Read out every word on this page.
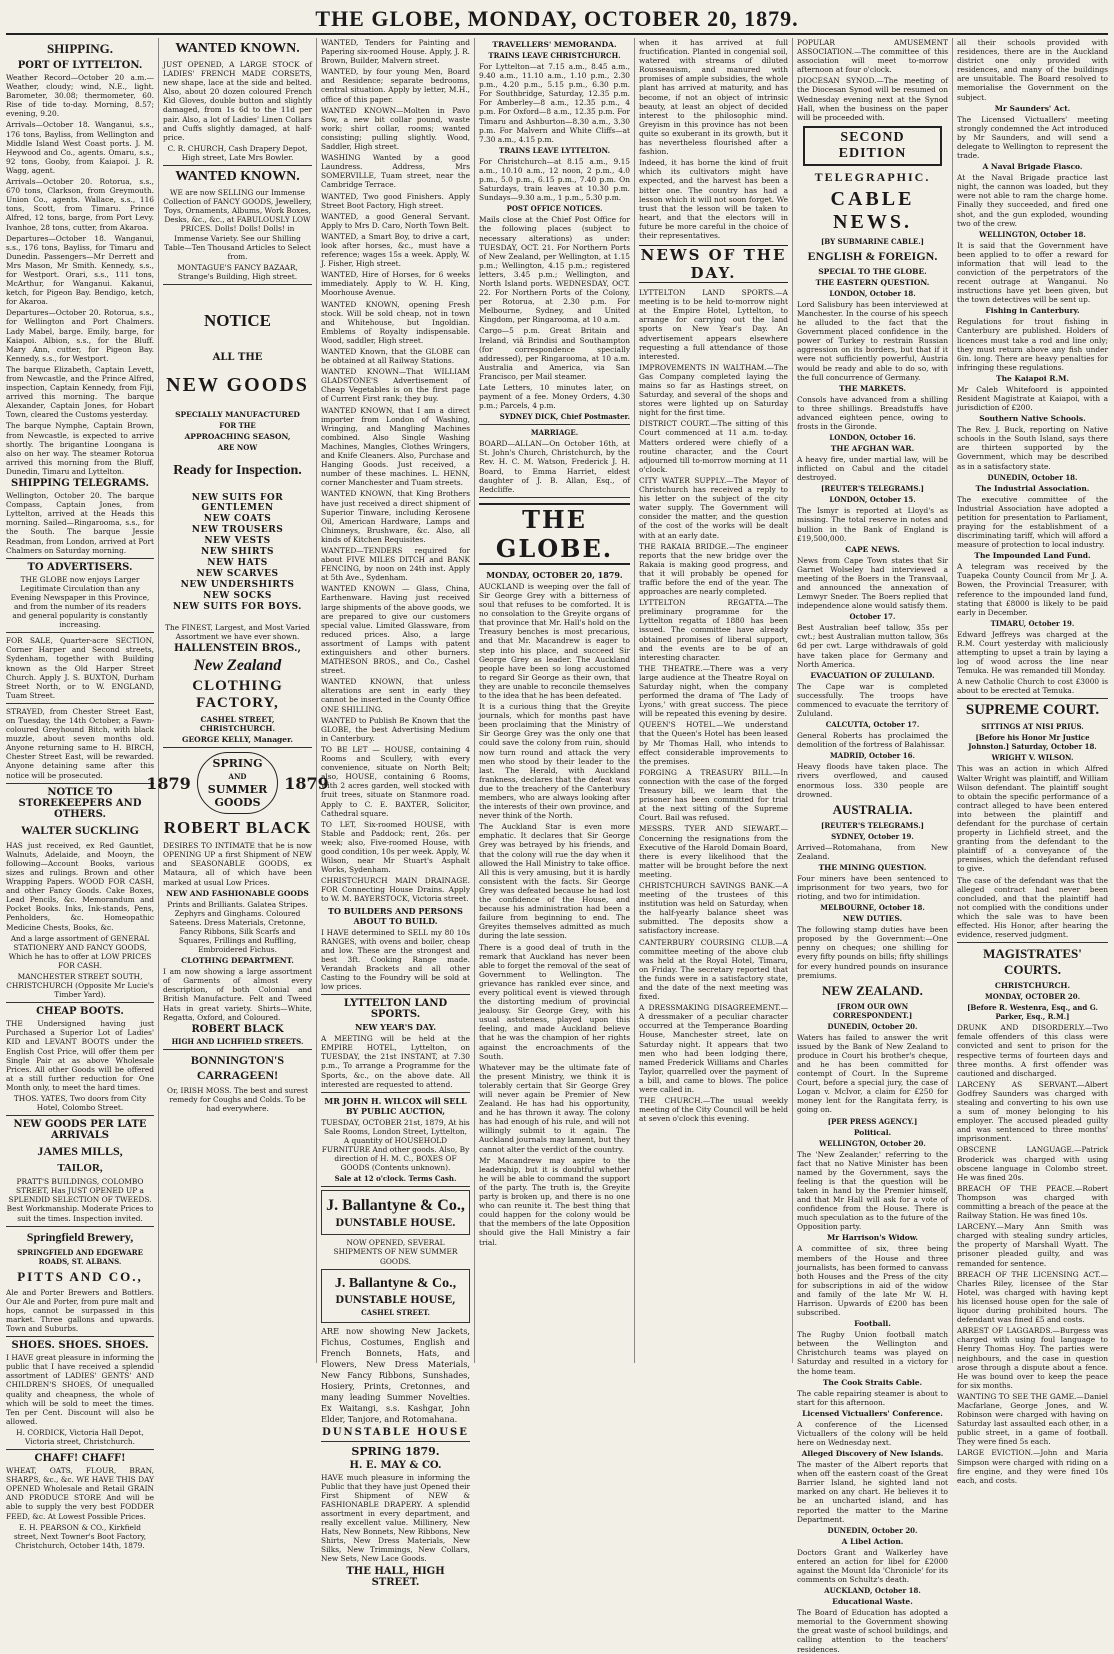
THE GLOBE, MONDAY, OCTOBER 20, 1879.
SHIPPING.
PORT OF LYTTELTON.

Weather Record—October 20 a.m.—Weather, cloudy; wind, N.E., light. Barometer, 30.08; thermometer, 60. Rise of tide to-day. Morning, 8.57; evening, 9.20.

Arrivals—October 18. Wanganui, s.s., 176 tons, Bayliss, from Wellington and Middle Island West Coast ports. J. M. Heywood and Co., agents. Omaru, s.s., 92 tons, Gooby, from Kaiapoi. J. R. Wagg, agent.

Arrivals—October 20. Rotorua, s.s., 670 tons, Clarkson, from Greymouth. Union Co., agents. Wallace, s.s., 116 tons, Scott, from Timaru. Prince Alfred, 12 tons, barge, from Port Levy. Ivanhoe, 28 tons, cutter, from Akaroa.

Departures—October 18. Wanganui, s.s., 176 tons, Bayliss, for Timaru and Dunedin. Passengers—Mr Derrett and Mrs Mason, Mr Smith. Kennedy, s.s., for Westport. Orari, s.s., 111 tons, McArthur, for Wanganui. Kakanui, ketch, for Pigeon Bay. Bendigo, ketch, for Akaroa.

Departures—October 20. Rotorua, s.s., for Wellington and Port Chalmers. Lady Mabel, barge. Emily, barge, for Kaiapoi. Albion, s.s., for the Bluff. Mary Ann, cutter, for Pigeon Bay. Kennedy, s.s., for Westport.

The barque Elizabeth, Captain Levett, from Newcastle, and the Prince Alfred, inspection, Captain Kennedy, from Fiji, arrived this morning. The barque Alexander, Captain Jones, for Hobart Town, cleared the Customs yesterday.

The barque Nymphe, Captain Brown, from Newcastle, is expected to arrive shortly. The brigantine Loongana is also on her way. The steamer Rotorua arrived this morning from the Bluff, Dunedin, Timaru and Lyttelton.

SHIPPING TELEGRAMS.

Wellington, October 20. The barque Compass, Captain Jones, from Lyttelton, arrived at the Heads this morning. Sailed—Ringarooma, s.s., for the South. The barque Jessie Readman, from London, arrived at Port Chalmers on Saturday morning.

TO ADVERTISERS.

THE GLOBE now enjoys Larger Legitimate Circulation than any Evening Newspaper in this Province, and from the number of its readers and general popularity is constantly increasing.

FOR SALE, Quarter-acre SECTION, Corner Harper and Second streets, Sydenham, together with Building known as the Old Harper Street Church. Apply J. S. BUXTON, Durham Street North, or to W. ENGLAND, Tuam Street.

STRAYED, from Chester Street East, on Tuesday, the 14th October, a Fawn-coloured Greyhound Bitch, with black muzzle, about seven months old. Anyone returning same to H. BIRCH, Chester Street East, will be rewarded. Anyone detaining same after this notice will be prosecuted.

NOTICE TO STOREKEEPERS AND OTHERS.
WALTER SUCKLING

HAS just received, ex Red Gauntlet, Walnuts, Adelaide, and Mooyn, the following—Account Books, various sizes and rulings. Brown and other Wrapping Papers. WOOD FOR CASH, and other Fancy Goods. Cake Boxes, Lead Pencils, &c. Memorandum and Pocket Books. Inks, Ink-stands, Pens, Penholders, &c. Homeopathic Medicine Chests, Books, &c.

And a large assortment of GENERAL STATIONERY AND FANCY GOODS, Which he has to offer at LOW PRICES FOR CASH.

MANCHESTER STREET SOUTH, CHRISTCHURCH (Opposite Mr Lucie's Timber Yard).

CHEAP BOOTS.

THE Undersigned having just Purchased a Superior Lot of Ladies' KID and LEVANT BOOTS under the English Cost Price, will offer them per Single Pair at as above Wholesale Prices. All other Goods will be offered at a still further reduction for One Month only, to meet the hard times.

THOS. YATES, Two doors from City Hotel, Colombo Street.

NEW GOODS PER LATE ARRIVALS
JAMES MILLS,
TAILOR,

PRATT'S BUILDINGS, COLOMBO STREET, Has JUST OPENED UP a SPLENDID SELECTION OF TWEEDS. Best Workmanship. Moderate Prices to suit the times. Inspection invited.

Springfield Brewery,
SPRINGFIELD AND EDGEWARE ROADS, ST. ALBANS.
PITTS AND CO.,

Ale and Porter Brewers and Bottlers. Our Ale and Porter, from pure malt and hops, cannot be surpassed in this market. Three gallons and upwards. Town and Suburbs.

SHOES. SHOES. SHOES.

I HAVE great pleasure in informing the public that I have received a splendid assortment of LADIES' GENTS' AND CHILDREN'S SHOES, Of unequalled quality and cheapness, the whole of which will be sold to meet the times. Ten per Cent. Discount will also be allowed.

H. CORDICK, Victoria Hall Depot, Victoria street, Christchurch.

CHAFF! CHAFF!

WHEAT, OATS, FLOUR, BRAN, SHARPS, &c., &c. WE HAVE THIS DAY OPENED Wholesale and Retail GRAIN AND PRODUCE STORE And will be able to supply the very best FODDER FEED, &c. At Lowest Possible Prices.

E. H. PEARSON & CO., Kirkfield street, Next Towner's Boot Factory, Christchurch, October 14th, 1879.

WANTED KNOWN.

JUST OPENED, A LARGE STOCK of LADIES' FRENCH MADE CORSETS, new shape, lace at the side and belted. Also, about 20 dozen coloured French Kid Gloves, double button and slightly damaged, from 1s 6d to the 11d per pair. Also, a lot of Ladies' Linen Collars and Cuffs slightly damaged, at half-price.

C. R. CHURCH, Cash Drapery Depot, High street, Late Mrs Bowler.

WANTED KNOWN.

WE are now SELLING our Immense Collection of FANCY GOODS, Jewellery, Toys, Ornaments, Albums, Work Boxes, Desks, &c., &c., at FABULOUSLY LOW PRICES. Dolls! Dolls! Dolls! in Immense Variety. See our Shilling Table—Ten Thousand Articles to Select from.

MONTAGUE'S FANCY BAZAAR, Strange's Building, High street.

NOTICE
ALL THE
NEW GOODS
SPECIALLY MANUFACTURED
FOR THE
APPROACHING SEASON,
ARE NOW
Ready for Inspection.
NEW SUITS FOR GENTLEMEN
NEW COATS
NEW TROUSERS
NEW VESTS
NEW SHIRTS
NEW HATS
NEW SCARVES
NEW UNDERSHIRTS
NEW SOCKS
NEW SUITS FOR BOYS.

The FINEST, Largest, and Most Varied Assortment we have ever shown.

HALLENSTEIN BROS.,
New Zealand
CLOTHING FACTORY,
CASHEL STREET, CHRISTCHURCH.
GEORGE KELLY, Manager.
1879
SPRING
AND
SUMMER
GOODS
1879
ROBERT BLACK

DESIRES TO INTIMATE that he is now OPENING UP a first Shipment of NEW and SEASONABLE GOODS, ex Mataura, all of which have been marked at usual Low Prices.

NEW AND FASHIONABLE GOODS

Prints and Brilliants. Galatea Stripes. Zephyrs and Ginghams. Coloured Sateens. Dress Materials, Cretonne, Fancy Ribbons, Silk Scarfs and Squares, Frillings and Ruffling, Embroidered Fichus.

CLOTHING DEPARTMENT.

I am now showing a large assortment of Garments of almost every description, of both Colonial and British Manufacture. Felt and Tweed Hats in great variety. Shirts—White, Regatta, Oxford, and Coloured.

ROBERT BLACK
HIGH AND LICHFIELD STREETS.
BONNINGTON'S CARRAGEEN!

Or, IRISH MOSS. The best and surest remedy for Coughs and Colds. To be had everywhere.

WANTED, Tenders for Painting and Papering six-roomed House. Apply, J. R. Brown, Builder, Malvern street.

WANTED, by four young Men, Board and Residence; separate bedrooms, central situation. Apply by letter, M.H., office of this paper.

WANTED KNOWN—Molten in Pavo Sow, a new bit collar pound, waste work; shirt collar, rooms; wanted consisting; pulling slightly. Wood, Saddler, High street.

WASHING Wanted by a good Laundress. Address, Mrs SOMERVILLE, Tuam street, near the Cambridge Terrace.

WANTED, Two good Finishers. Apply Street Boot Factory, High street.

WANTED, a good General Servant. Apply to Mrs D. Caro, North Town Belt.

WANTED, a Smart Boy, to drive a cart, look after horses, &c., must have a reference; wages 15s a week. Apply, W. J. Fisher, High street.

WANTED, Hire of Horses, for 6 weeks immediately. Apply to W. H. King, Moorhouse Avenue.

WANTED KNOWN, opening Fresh stock. Will be sold cheap, not in town and Whitehouse, but Ingoldian. Emblems of Royalty indispensable. Wood, saddler, High street.

WANTED Known, that the GLOBE can be obtained at all Railway Stations.

WANTED KNOWN—That WILLIAM GLADSTONE'S Advertisement of Cheap Vegetables is on the first page of Current First rank; they buy.

WANTED KNOWN, that I am a direct importer from London of Washing, Wringing, and Mangling Machines combined. Also Single Washing Machines, Mangles, Clothes Wringers, and Knife Cleaners. Also, Purchase and Hanging Goods. Just received, a number of these machines. L. HENN, corner Manchester and Tuam streets.

WANTED KNOWN, that King Brothers have just received a direct shipment of Superior Tinware, including Kerosene Oil, American Hardware, Lamps and Chimneys, Brushware, &c. Also, all kinds of Kitchen Requisites.

WANTED—TENDERS required for about FIVE MILES DITCH and BANK FENCING, by noon on 24th inst. Apply at 5th Ave., Sydenham.

WANTED KNOWN — Glass, China, Earthenware. Having just received large shipments of the above goods, we are prepared to give our customers special value. Limited Glassware, from reduced prices. Also, a large assortment of Lamps with patent extinguishers and other burners. MATHESON BROS., and Co., Cashel street.

WANTED KNOWN, that unless alterations are sent in early they cannot be inserted in the County Office ONE SHILLING.

WANTED to Publish Be Known that the GLOBE, the best Advertising Medium in Canterbury.

TO BE LET — HOUSE, containing 4 Rooms and Scullery, with every convenience, situate on North Belt; also, HOUSE, containing 6 Rooms, with 2 acres garden, well stocked with fruit trees, situate on Stanmore road. Apply to C. E. BAXTER, Solicitor, Cathedral square.

TO LET, Six-roomed HOUSE, with Stable and Paddock; rent, 26s. per week; also, Five-roomed House, with good condition, 10s per week. Apply, W. Wilson, near Mr Stuart's Asphalt Works, Sydenham.

CHRISTCHURCH MAIN DRAINAGE. FOR Connecting House Drains. Apply to W. M. BAYERSTOCK, Victoria street.

TO BUILDERS AND PERSONS ABOUT TO BUILD.

I HAVE determined to SELL my 80 10s RANGES, with ovens and boiler, cheap and low. These are the strongest and best 3ft. Cooking Range made. Verandah Brackets and all other Casting to the Foundry will be sold at low prices.

LYTTELTON LAND SPORTS.
NEW YEAR'S DAY.

A MEETING will be held at the EMPIRE HOTEL, Lyttelton, on TUESDAY, the 21st INSTANT, at 7.30 p.m., To arrange a Programme for the Sports, &c., on the above date. All interested are requested to attend.

MR JOHN H. WILCOX will SELL BY PUBLIC AUCTION,

TUESDAY, OCTOBER 21st, 1879, At his Sale Rooms, London Street, Lyttelton, A quantity of HOUSEHOLD FURNITURE And other goods. Also, By direction of H. M. C., BOXES OF GOODS (Contents unknown).

Sale at 12 o'clock. Terms Cash.
J. Ballantyne & Co.,
DUNSTABLE HOUSE.

NOW OPENED, SEVERAL SHIPMENTS OF NEW SUMMER GOODS.

J. Ballantyne & Co.,
DUNSTABLE HOUSE,
CASHEL STREET.

ARE now showing New Jackets, Fichus, Costumes, English and French Bonnets, Hats, and Flowers, New Dress Materials, New Fancy Ribbons, Sunshades, Hosiery, Prints, Cretonnes, and many leading Summer Novelties. Ex Waitangi, s.s. Kashgar, John Elder, Tanjore, and Rotomahana.

DUNSTABLE HOUSE
SPRING 1879.
H. E. MAY & CO.

HAVE much pleasure in informing the Public that they have just Opened their First Shipment of NEW & FASHIONABLE DRAPERY. A splendid assortment in every department, and really excellent value. Millinery, New Hats, New Bonnets, New Ribbons, New Shirts, New Dress Materials, New Silks, New Trimmings, New Collars, New Sets, New Lace Goods.

THE HALL, HIGH STREET.
TRAVELLERS' MEMORANDA.
TRAINS LEAVE CHRISTCHURCH.

For Lyttelton—at 7.15 a.m., 8.45 a.m., 9.40 a.m., 11.10 a.m., 1.10 p.m., 2.30 p.m., 4.20 p.m., 5.15 p.m., 6.30 p.m. For Southbridge, Saturday, 12.35 p.m. For Amberley—8 a.m., 12.35 p.m., 4 p.m. For Oxford—8 a.m., 12.35 p.m. For Timaru and Ashburton—8.30 a.m., 3.30 p.m. For Malvern and White Cliffs—at 7.30 a.m., 4.15 p.m.

TRAINS LEAVE LYTTELTON.

For Christchurch—at 8.15 a.m., 9.15 a.m., 10.10 a.m., 12 noon, 2 p.m., 4.0 p.m., 5.0 p.m., 6.15 p.m., 7.40 p.m. On Saturdays, train leaves at 10.30 p.m. Sundays—9.30 a.m., 1 p.m., 5.30 p.m.

POST OFFICE NOTICES.

Mails close at the Chief Post Office for the following places (subject to necessary alterations) as under: TUESDAY, OCT. 21. For Northern Ports of New Zealand, per Wellington, at 1.15 p.m.; Wellington, 4.15 p.m.; registered letters, 3.45 p.m.; Wellington, and North Island ports. WEDNESDAY, OCT. 22. For Northern Ports of the Colony, per Rotorua, at 2.30 p.m. For Melbourne, Sydney, and United Kingdom, per Ringarooma, at 10 a.m.

Cargo—5 p.m. Great Britain and Ireland, viâ Brindisi and Southampton (for correspondence specially addressed), per Ringarooma, at 10 a.m. Australia and America, via San Francisco, per Mail steamer.

Late Letters, 10 minutes later, on payment of a fee. Money Orders, 4.30 p.m.; Parcels, 4 p.m.

SYDNEY DICK, Chief Postmaster.
MARRIAGE.

BOARD—ALLAN—On October 16th, at St. John's Church, Christchurch, by the Rev. H. C. M. Watson, Frederick J. H. Board, to Emma Harriet, eldest daughter of J. B. Allan, Esq., of Redcliffe.

THE GLOBE.
MONDAY, OCTOBER 20, 1879.

AUCKLAND is weeping over the fall of Sir George Grey with a bitterness of soul that refuses to be comforted. It is no consolation to the Greyite organs of that province that Mr. Hall's hold on the Treasury benches is most precarious, and that Mr. Macandrew is eager to step into his place, and succeed Sir George Grey as leader. The Auckland people have been so long accustomed to regard Sir George as their own, that they are unable to reconcile themselves to the idea that he has been defeated.

It is a curious thing that the Greyite journals, which for months past have been proclaiming that the Ministry of Sir George Grey was the only one that could save the colony from ruin, should now turn round and attack the very men who stood by their leader to the last. The Herald, with Auckland frankness, declares that the defeat was due to the treachery of the Canterbury members, who are always looking after the interests of their own province, and never think of the North.

The Auckland Star is even more emphatic. It declares that Sir George Grey was betrayed by his friends, and that the colony will rue the day when it allowed the Hall Ministry to take office. All this is very amusing, but it is hardly consistent with the facts. Sir George Grey was defeated because he had lost the confidence of the House, and because his administration had been a failure from beginning to end. The Greyites themselves admitted as much during the late session.

There is a good deal of truth in the remark that Auckland has never been able to forget the removal of the seat of Government to Wellington. The grievance has rankled ever since, and every political event is viewed through the distorting medium of provincial jealousy. Sir George Grey, with his usual astuteness, played upon this feeling, and made Auckland believe that he was the champion of her rights against the encroachments of the South.

Whatever may be the ultimate fate of the present Ministry, we think it is tolerably certain that Sir George Grey will never again be Premier of New Zealand. He has had his opportunity, and he has thrown it away. The colony has had enough of his rule, and will not willingly submit to it again. The Auckland journals may lament, but they cannot alter the verdict of the country.

Mr Macandrew may aspire to the leadership, but it is doubtful whether he will be able to command the support of the party. The truth is, the Greyite party is broken up, and there is no one who can reunite it. The best thing that could happen for the colony would be that the members of the late Opposition should give the Hall Ministry a fair trial.

when it has arrived at full fructification. Planted in congenial soil, watered with streams of diluted Rousseauism, and manured with promises of ample subsidies, the whole plant has arrived at maturity, and has become, if not an object of intrinsic beauty, at least an object of decided interest to the philosophic mind. Greyism in this province has not been quite so exuberant in its growth, but it has nevertheless flourished after a fashion.

Indeed, it has borne the kind of fruit which its cultivators might have expected, and the harvest has been a bitter one. The country has had a lesson which it will not soon forget. We trust that the lesson will be taken to heart, and that the electors will in future be more careful in the choice of their representatives.

NEWS OF THE DAY.

LYTTELTON LAND SPORTS.—A meeting is to be held to-morrow night at the Empire Hotel, Lyttelton, to arrange for carrying out the land sports on New Year's Day. An advertisement appears elsewhere requesting a full attendance of those interested.

IMPROVEMENTS IN WALTHAM.—The Gas Company completed laying the mains so far as Hastings street, on Saturday, and several of the shops and stores were lighted up on Saturday night for the first time.

DISTRICT COURT.—The sitting of this Court commenced at 11 a.m. to-day. Matters ordered were chiefly of a routine character, and the Court adjourned till to-morrow morning at 11 o'clock.

CITY WATER SUPPLY.—The Mayor of Christchurch has received a reply to his letter on the subject of the city water supply. The Government will consider the matter, and the question of the cost of the works will be dealt with at an early date.

THE RAKAIA BRIDGE.—The engineer reports that the new bridge over the Rakaia is making good progress, and that it will probably be opened for traffic before the end of the year. The approaches are nearly completed.

LYTTELTON REGATTA.—The preliminary programme for the Lyttelton regatta of 1880 has been issued. The committee have already obtained promises of liberal support, and the events are to be of an interesting character.

THE THEATRE.—There was a very large audience at the Theatre Royal on Saturday night, when the company performed the drama of 'The Lady of Lyons,' with great success. The piece will be repeated this evening by desire.

QUEEN'S HOTEL.—We understand that the Queen's Hotel has been leased by Mr Thomas Hall, who intends to effect considerable improvements to the premises.

FORGING A TREASURY BILL.—In connection with the case of the forged Treasury bill, we learn that the prisoner has been committed for trial at the next sitting of the Supreme Court. Bail was refused.

MESSRS. TYER AND SIEWART.—Concerning the resignations from the Executive of the Harold Domain Board, there is every likelihood that the matter will be brought before the next meeting.

CHRISTCHURCH SAVINGS BANK.—A meeting of the trustees of this institution was held on Saturday, when the half-yearly balance sheet was submitted. The deposits show a satisfactory increase.

CANTERBURY COURSING CLUB.—A committee meeting of the above club was held at the Royal Hotel, Timaru, on Friday. The secretary reported that the funds were in a satisfactory state, and the date of the next meeting was fixed.

A DRESSMAKING DISAGREEMENT.—A dressmaker of a peculiar character occurred at the Temperance Boarding House, Manchester street, late on Saturday night. It appears that two men who had been lodging there, named Frederick Williams and Charles Taylor, quarrelled over the payment of a bill, and came to blows. The police were called in.

THE CHURCH.—The usual weekly meeting of the City Council will be held at seven o'clock this evening.

POPULAR AMUSEMENT ASSOCIATION.—The committee of this association will meet to-morrow afternoon at four o'clock.

DIOCESAN SYNOD.—The meeting of the Diocesan Synod will be resumed on Wednesday evening next at the Synod Hall, when the business on the paper will be proceeded with.

SECOND EDITION
TELEGRAPHIC.
CABLE NEWS.
[BY SUBMARINE CABLE.]
ENGLISH & FOREIGN.
SPECIAL TO THE GLOBE.
THE EASTERN QUESTION.
LONDON, October 18.

Lord Salisbury has been interviewed at Manchester. In the course of his speech he alluded to the fact that the Government placed confidence in the power of Turkey to restrain Russian aggression on its borders, but that if it were not sufficiently powerful, Austria would be ready and able to do so, with the full concurrence of Germany.

THE MARKETS.

Consols have advanced from a shilling to three shillings. Breadstuffs have advanced eighteen pence, owing to frosts in the Gironde.

LONDON, October 16.
THE AFGHAN WAR.

A heavy fire, under martial law, will be inflicted on Cabul and the citadel destroyed.

[REUTER'S TELEGRAMS.]
LONDON, October 15.

The Ismyr is reported at Lloyd's as missing. The total reserve in notes and bullion in the Bank of England is £19,500,000.

CAPE NEWS.

News from Cape Town states that Sir Garnet Wolseley had interviewed a meeting of the Boers in the Transvaal, and announced the annexation of Lemwyr Sneder. The Boers replied that independence alone would satisfy them.

October 17.

Best Australian beef tallow, 35s per cwt.; best Australian mutton tallow, 36s 6d per cwt. Large withdrawals of gold have taken place for Germany and North America.

EVACUATION OF ZULULAND.

The Cape war is completed successfully. The troops have commenced to evacuate the territory of Zululand.

CALCUTTA, October 17.

General Roberts has proclaimed the demolition of the fortress of Balahissar.

MADRID, October 16.

Heavy floods have taken place. The rivers overflowed, and caused enormous loss. 330 people are drowned.

AUSTRALIA.
[REUTER'S TELEGRAMS.]
SYDNEY, October 19.

Arrived—Rotomahana, from New Zealand.

THE MINING QUESTION.

Four miners have been sentenced to imprisonment for two years, two for rioting, and two for intimidation.

MELBOURNE, October 18.
NEW DUTIES.

The following stamp duties have been proposed by the Government:—One penny on cheques; one shilling for every fifty pounds on bills; fifty shillings for every hundred pounds on insurance premiums.

NEW ZEALAND.
[FROM OUR OWN CORRESPONDENT.]
DUNEDIN, October 20.

Waters has failed to answer the writ issued by the Bank of New Zealand to produce in Court his brother's cheque, and he has been committed for contempt of Court. In the Supreme Court, before a special jury, the case of Logan v. McIvor, a claim for £250 for money lent for the Rangitata ferry, is going on.

[PER PRESS AGENCY.]
Political.
WELLINGTON, October 20.

The 'New Zealander,' referring to the fact that no Native Minister has been named by the Government, says the feeling is that the question will be taken in hand by the Premier himself, and that Mr Hall will ask for a vote of confidence from the House. There is much speculation as to the future of the Opposition party.

Mr Harrison's Widow.

A committee of six, three being members of the House and three journalists, has been formed to canvass both Houses and the Press of the city for subscriptions in aid of the widow and family of the late Mr W. H. Harrison. Upwards of £200 has been subscribed.

Football.

The Rugby Union football match between the Wellington and Christchurch teams was played on Saturday and resulted in a victory for the home team.

The Cook Straits Cable.

The cable repairing steamer is about to start for this afternoon.

Licensed Victuallers' Conference.

A conference of the Licensed Victuallers of the colony will be held here on Wednesday next.

Alleged Discovery of New Islands.

The master of the Albert reports that when off the eastern coast of the Great Barrier Island, he sighted land not marked on any chart. He believes it to be an uncharted island, and has reported the matter to the Marine Department.

DUNEDIN, October 20.
A Libel Action.

Doctors Grant and Walkerley have entered an action for libel for £2000 against the Mount Ida 'Chronicle' for its comments on Schultz's death.

AUCKLAND, October 18.
Educational Waste.

The Board of Education has adopted a memorial to the Government showing the great waste of school buildings, and calling attention to the teachers' residences.

all their schools provided with residences, there are in the Auckland district one only provided with residences, and many of the buildings are unsuitable. The Board resolved to memorialise the Government on the subject.

Mr Saunders' Act.

The Licensed Victuallers' meeting strongly condemned the Act introduced by Mr Saunders, and will send a delegate to Wellington to represent the trade.

A Naval Brigade Fiasco.

At the Naval Brigade practice last night, the cannon was loaded, but they were not able to ram the charge home. Finally they succeeded, and fired one shot, and the gun exploded, wounding two of the crew.

WELLINGTON, October 18.

It is said that the Government have been applied to to offer a reward for information that will lead to the conviction of the perpetrators of the recent outrage at Wanganui. No instructions have yet been given, but the town detectives will be sent up.

Fishing in Canterbury.

Regulations for trout fishing in Canterbury are published. Holders of licences must take a rod and line only; they must return above any fish under 6in. long. There are heavy penalties for infringing these regulations.

The Kaiapoi R.M.

Mr Caleb Whitefoord is appointed Resident Magistrate at Kaiapoi, with a jurisdiction of £200.

Southern Native Schools.

The Rev. J. Buck, reporting on Native schools in the South Island, says there are thirteen supported by the Government, which may be described as in a satisfactory state.

DUNEDIN, October 18.
The Industrial Association.

The executive committee of the Industrial Association have adopted a petition for presentation to Parliament, praying for the establishment of a discriminating tariff, which will afford a measure of protection to local industry.

The Impounded Land Fund.

A telegram was received by the Tuapeka County Council from Mr J. A. Bowen, the Provincial Treasurer, with reference to the impounded land fund, stating that £8000 is likely to be paid early in December.

TIMARU, October 19.

Edward Jeffreys was charged at the R.M. Court yesterday with maliciously attempting to upset a train by laying a log of wood across the line near Temuka. He was remanded till Monday.

A new Catholic Church to cost £3000 is about to be erected at Temuka.

SUPREME COURT.
SITTINGS AT NISI PRIUS.
[Before his Honor Mr Justice Johnston.] Saturday, October 18.
WRIGHT V. WILSON.

This was an action in which Alfred Walter Wright was plaintiff, and William Wilson defendant. The plaintiff sought to obtain the specific performance of a contract alleged to have been entered into between the plaintiff and defendant for the purchase of certain property in Lichfield street, and the granting from the defendant to the plaintiff of a conveyance of the premises, which the defendant refused to give.

The case of the defendant was that the alleged contract had never been concluded, and that the plaintiff had not complied with the conditions under which the sale was to have been effected. His Honor, after hearing the evidence, reserved judgment.

MAGISTRATES' COURTS.
CHRISTCHURCH.
MONDAY, OCTOBER 20.
[Before R. Westenra, Esq., and G. Parker, Esq., R.M.]

DRUNK AND DISORDERLY.—Two female offenders of this class were convicted and sent to prison for the respective terms of fourteen days and three months. A first offender was cautioned and discharged.

LARCENY AS SERVANT.—Albert Godfrey Saunders was charged with stealing and converting to his own use a sum of money belonging to his employer. The accused pleaded guilty and was sentenced to three months' imprisonment.

OBSCENE LANGUAGE.—Patrick Broderick was charged with using obscene language in Colombo street. He was fined 20s.

BREACH OF THE PEACE.—Robert Thompson was charged with committing a breach of the peace at the Railway Station. He was fined 10s.

LARCENY.—Mary Ann Smith was charged with stealing sundry articles, the property of Marshall Wyatt. The prisoner pleaded guilty, and was remanded for sentence.

BREACH OF THE LICENSING ACT.—Charles Riley, licensee of the Star Hotel, was charged with having kept his licensed house open for the sale of liquor during prohibited hours. The defendant was fined £5 and costs.

ARREST OF LAGGARDS.—Burgess was charged with using foul language to Henry Thomas Hoy. The parties were neighbours, and the case in question arose through a dispute about a fence. He was bound over to keep the peace for six months.

WANTING TO SEE THE GAME.—Daniel Macfarlane, George Jones, and W. Robinson were charged with having on Saturday last assaulted each other, in a public street, in a game of football. They were fined 5s each.

LARGE EVICTION.—John and Maria Simpson were charged with riding on a fire engine, and they were fined 10s each, and costs.
